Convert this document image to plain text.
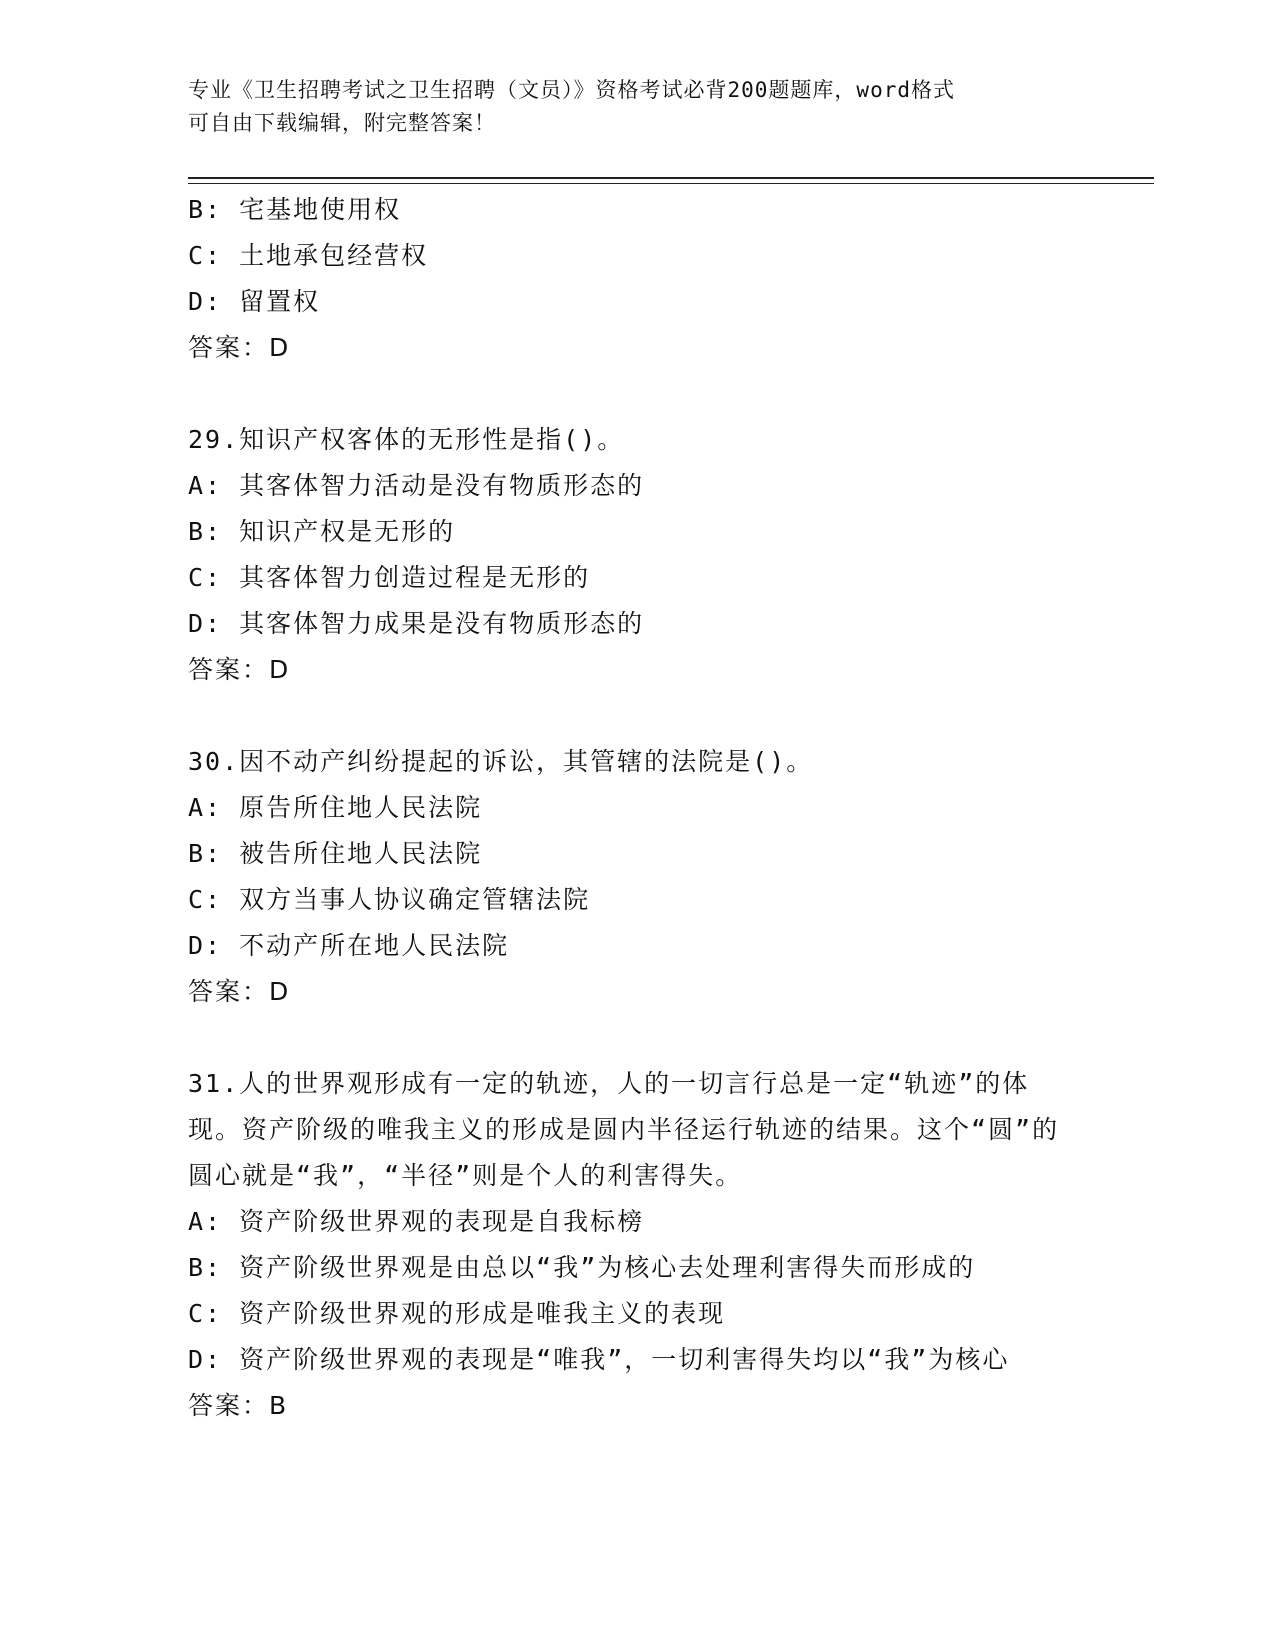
专业《卫生招聘考试之卫生招聘（文员）》资格考试必背200题题库，word格式
可自由下载编辑，附完整答案！
B: 宅基地使用权
C: 土地承包经营权
D: 留置权
答案：D
29.知识产权客体的无形性是指()。
A: 其客体智力活动是没有物质形态的
B: 知识产权是无形的
C: 其客体智力创造过程是无形的
D: 其客体智力成果是没有物质形态的
答案：D
30.因不动产纠纷提起的诉讼，其管辖的法院是()。
A: 原告所住地人民法院
B: 被告所住地人民法院
C: 双方当事人协议确定管辖法院
D: 不动产所在地人民法院
答案：D
31.人的世界观形成有一定的轨迹，人的一切言行总是一定“轨迹”的体现。资产阶级的唯我主义的形成是圆内半径运行轨迹的结果。这个“圆”的圆心就是“我”，“半径”则是个人的利害得失。
A: 资产阶级世界观的表现是自我标榜
B: 资产阶级世界观是由总以“我”为核心去处理利害得失而形成的
C: 资产阶级世界观的形成是唯我主义的表现
D: 资产阶级世界观的表现是“唯我”，一切利害得失均以“我”为核心
答案：B
